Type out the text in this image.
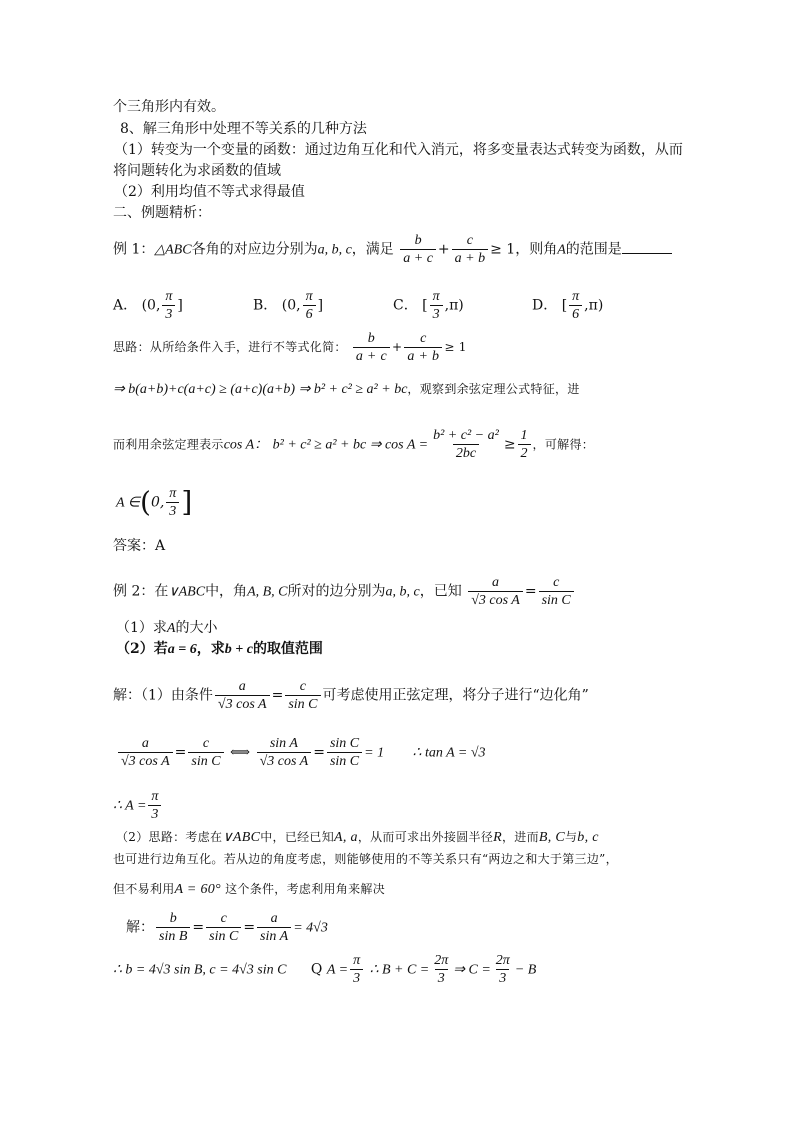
个三角形内有效。
8、解三角形中处理不等关系的几种方法
（1）转变为一个变量的函数：通过边角互化和代入消元，将多变量表达式转变为函数，从而
将问题转化为求函数的值域
（2）利用均值不等式求得最值
二、例题精析：
例 1：△ABC各角的对应边分别为a, b, c，满足 $\frac{b}{a + c} + \frac{c}{a + b} \ge 1$，则角A的范围是
A． (0, $\frac{\pi}{3}$ ]	B． (0, $\frac{\pi}{6}$ ]	C． [ $\frac{\pi}{3} ,\pi$)	D． [ $\frac{\pi}{6} ,\pi$)
思路：从所给条件入手，进行不等式化简： $\frac{b}{a + c} + \frac{c}{a + b} \ge 1$
⇒ b(a+b)+c(a+c) ≥ (a+c)(a+b) ⇒ b² + c² ≥ a² + bc，观察到余弦定理公式特征，进
而利用余弦定理表示cos A： b² + c² ≥ a² + bc ⇒ $\cos A = \frac{\text{b² + c² − a²}}{2bc} \ge \frac{1}{2}$ ，可解得：
A ∈(0, $\frac{\pi}{3}$ ]
答案：A
例 2：在∨ABC中，角A, B, C所对的边分别为a, b, c，已知 $\frac{a}{\text{√3 cos A}} = \frac{c}{\text{sin C}}$
（1）求A的大小
（2）若a = 6，求b + c的取值范围
解：（1）由条件 $\frac{a}{\text{√3 cos A}} = \frac{c}{\text{sin C}}$ 可考虑使用正弦定理，将分子进行“边化角”
$\frac{a}{\text{√3 cos A}} = \frac{c}{\text{sin C}}$ ⟺ $\frac{\text{sin A}}{\text{√3 cos A}} = \frac{\text{sin C}}{\text{sin C}} = 1$ ∴ tan A = √3
∴ $A = \frac{\pi}{3}$
（2）思路：考虑在∨ABC中，已经已知A, a，从而可求出外接圆半径R，进而B, C与b, c
也可进行边角互化。若从边的角度考虑，则能够使用的不等关系只有“两边之和大于第三边”，
但不易利用A = 60° 这个条件，考虑利用角来解决
解： $\frac{b}{\text{sin B}} = \frac{c}{\text{sin C}} = \frac{a}{\text{sin A}} = 4√3$
∴ b = 4√3 sin B, c = 4√3 sin C Q $A = \frac{\pi}{3}$ ∴ $B + C = \frac{2\pi}{3}$ ⇒ $C = \frac{2\pi}{3} - B$
